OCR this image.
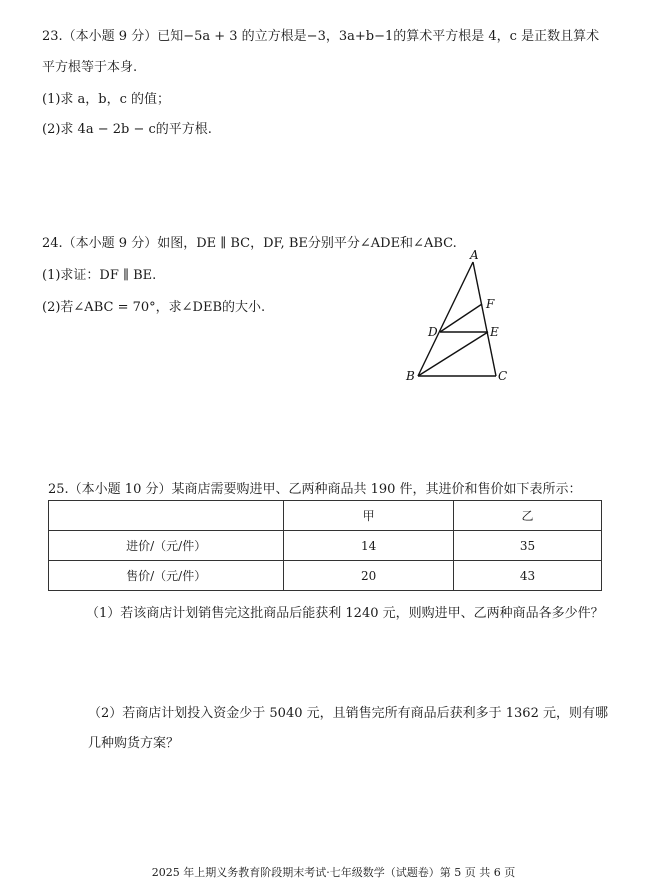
23.（本小题 9 分）已知−5a + 3 的立方根是−3，3a+b−1的算术平方根是 4，c 是正数且算术
平方根等于本身.
(1)求 a，b，c 的值；
(2)求 4a − 2b − c的平方根.
24.（本小题 9 分）如图，DE ∥ BC，DF, BE分别平分∠ADE和∠ABC.
(1)求证：DF ∥ BE.
(2)若∠ABC = 70°，求∠DEB的大小.
A
F
D	E
B	C
25.（本小题 10 分）某商店需要购进甲、乙两种商品共 190 件，其进价和售价如下表所示：
	甲	乙
进价/（元/件）	14	35
售价/（元/件）	20	43
（1）若该商店计划销售完这批商品后能获利 1240 元，则购进甲、乙两种商品各多少件？
（2）若商店计划投入资金少于 5040 元，且销售完所有商品后获利多于 1362 元，则有哪
几种购货方案？
2025 年上期义务教育阶段期末考试·七年级数学（试题卷）第 5 页 共 6 页
